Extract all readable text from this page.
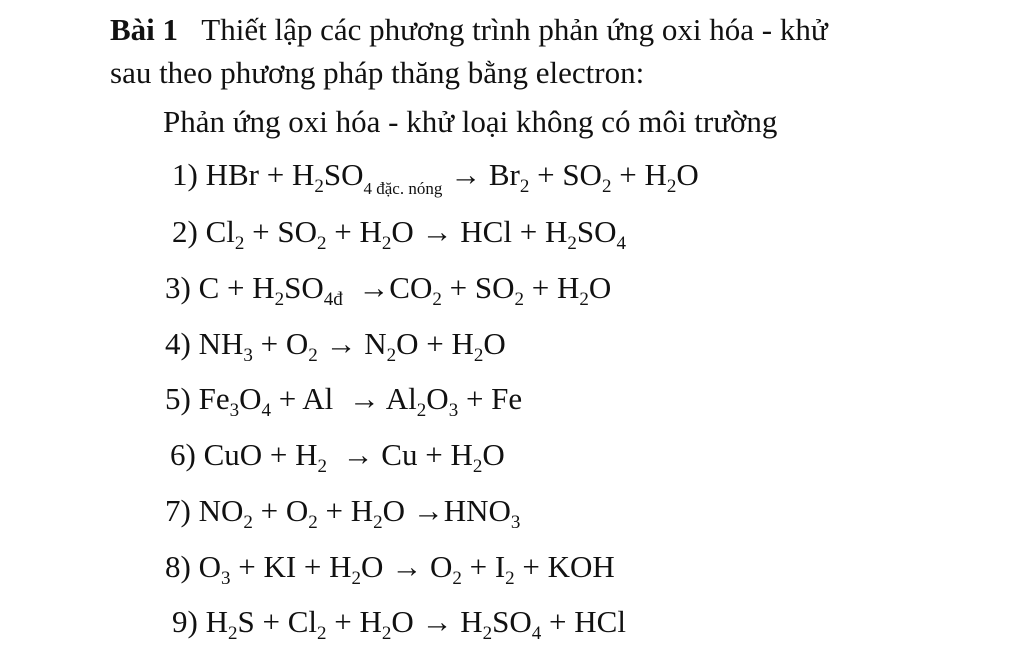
Bài 1 Thiết lập các phương trình phản ứng oxi hóa - khử
sau theo phương pháp thăng bằng electron:
Phản ứng oxi hóa - khử loại không có môi trường
1) HBr + $H_2SO_{4 đặc. nóng} \to Br_2 + SO_2 + H_2O$
2) $Cl_2 + SO_2 + H_2O$ → HCl + $H_2SO_4$
3) $C + H_2SO_{4đ} \to CO_2 + SO_2 + H_2O$
4) $NH_3 + O_2 \to N_2O + H_2O$
5) $Fe_3O_4 + Al \to Al_2O_3 + Fe$
6) CuO + $H_2 \to Cu + H_2O$
7) $NO_2 + O_2 + H_2O \to HNO_3$
8) $O_3$ + KI + $H_2O \to O_2 + I_2$ + KOH
9) $H_2S + Cl_2 + H_2O \to H_2SO_4$ + HCl
